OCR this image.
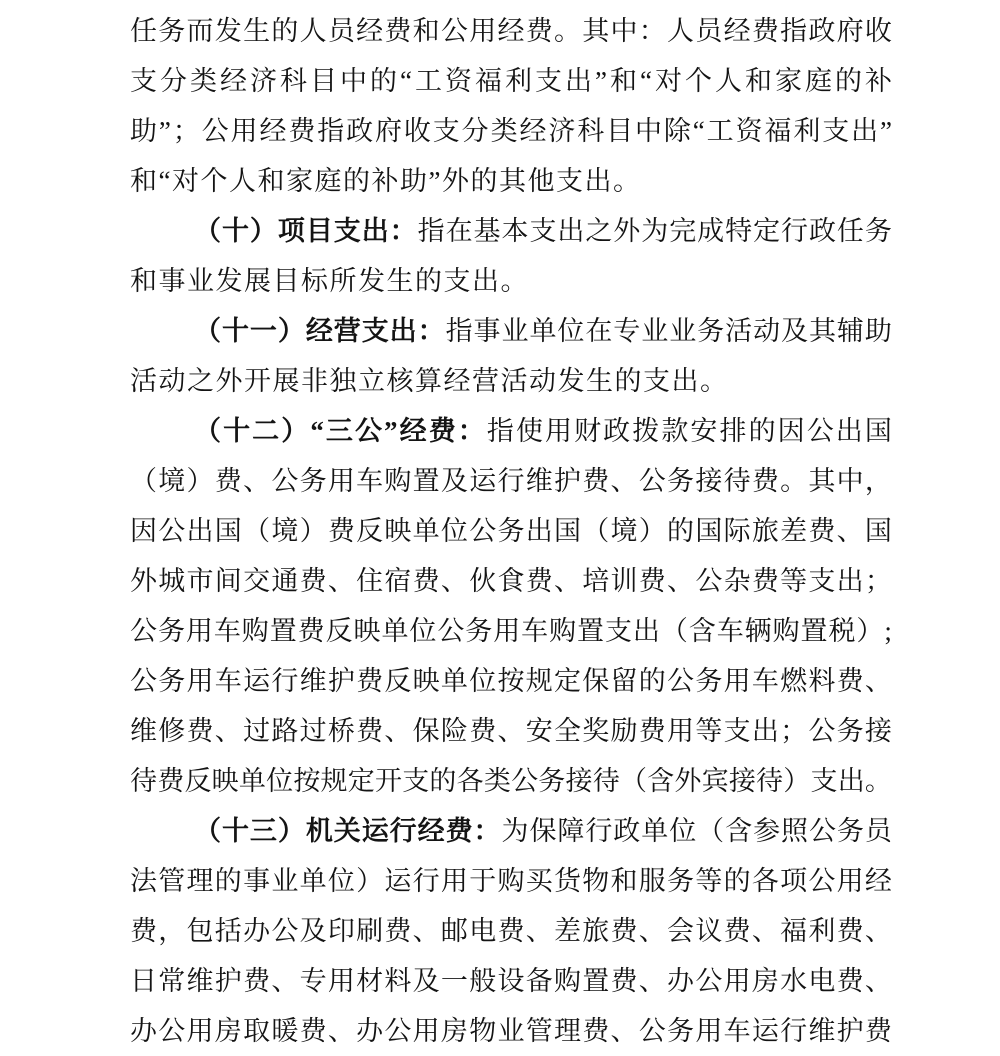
任 务 而 发 生 的 人 员 经 费 和 公 用 经 费 。 其 中 ： 人 员 经 费 指 政 府 收
支 分 类 经 济 科 目 中 的 “ 工 资 福 利 支 出 ” 和 “ 对 个 人 和 家 庭 的 补
助 ” ； 公 用 经 费 指 政 府 收 支 分 类 经 济 科 目 中 除 “ 工 资 福 利 支 出 ”
和 “ 对 个 人 和 家 庭 的 补 助 ” 外 的 其 他 支 出 。
（ 十 ） 项 目 支 出 ： 指 在 基 本 支 出 之 外 为 完 成 特 定 行 政 任 务
和 事 业 发 展 目 标 所 发 生 的 支 出 。
（ 十 一 ） 经 营 支 出 ： 指 事 业 单 位 在 专 业 业 务 活 动 及 其 辅 助
活 动 之 外 开 展 非 独 立 核 算 经 营 活 动 发 生 的 支 出 。
（ 十 二 ） “ 三 公 ” 经 费 ： 指 使 用 财 政 拨 款 安 排 的 因 公 出 国
（ 境 ） 费 、 公 务 用 车 购 置 及 运 行 维 护 费 、 公 务 接 待 费 。 其 中 ，
因 公 出 国 （ 境 ） 费 反 映 单 位 公 务 出 国 （ 境 ） 的 国 际 旅 差 费 、 国
外 城 市 间 交 通 费 、 住 宿 费 、 伙 食 费 、 培 训 费 、 公 杂 费 等 支 出 ；
公 务 用 车 购 置 费 反 映 单 位 公 务 用 车 购 置 支 出 （ 含 车 辆 购 置 税 ） ;
公 务 用 车 运 行 维 护 费 反 映 单 位 按 规 定 保 留 的 公 务 用 车 燃 料 费 、
维 修 费 、 过 路 过 桥 费 、 保 险 费 、 安 全 奖 励 费 用 等 支 出 ； 公 务 接
待 费 反 映 单 位 按 规 定 开 支 的 各 类 公 务 接 待 （ 含 外 宾 接 待 ） 支 出 。
（ 十 三 ） 机 关 运 行 经 费 ： 为 保 障 行 政 单 位 （ 含 参 照 公 务 员
法 管 理 的 事 业 单 位 ） 运 行 用 于 购 买 货 物 和 服 务 等 的 各 项 公 用 经
费 ， 包 括 办 公 及 印 刷 费 、 邮 电 费 、 差 旅 费 、 会 议 费 、 福 利 费 、
日 常 维 护 费 、 专 用 材 料 及 一 般 设 备 购 置 费 、 办 公 用 房 水 电 费 、
办 公 用 房 取 暖 费 、 办 公 用 房 物 业 管 理 费 、 公 务 用 车 运 行 维 护 费
